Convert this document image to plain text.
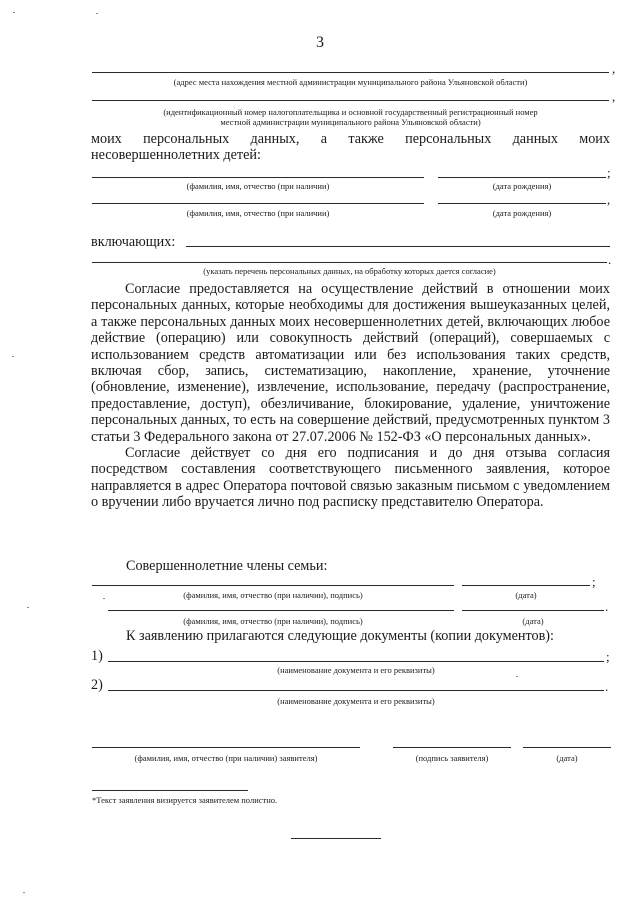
3
,
(адрес места нахождения местной администрации муниципального района Ульяновской области)
,
(идентификационный номер налогоплательщика и основной государственный регистрационный номер
местной администрации муниципального района Ульяновской области)
моих персональных данных, а также персональных данных моих
несовершеннолетних детей:
;
(фамилия, имя, отчество (при наличии)	(дата рождения)
,
(фамилия, имя, отчество (при наличии)	(дата рождения)
включающих:
.
(указать перечень персональных данных, на обработку которых дается согласие)

Согласие предоставляется на осуществление действий в отношении моих персональных данных, которые необходимы для достижения вышеуказанных целей, а также персональных данных моих несовершеннолетних детей, включающих любое действие (операцию) или совокупность действий (операций), совершаемых с использованием средств автоматизации или без использования таких средств, включая сбор, запись, систематизацию, накопление, хранение, уточнение (обновление, изменение), извлечение, использование, передачу (распространение, предоставление, доступ), обезличивание, блокирование, удаление, уничтожение персональных данных, то есть на совершение действий, предусмотренных пунктом 3 статьи 3 Федерального закона от 27.07.2006 № 152-ФЗ «О персональных данных».

Согласие действует со дня его подписания и до дня отзыва согласия посредством составления соответствующего письменного заявления, которое направляется в адрес Оператора почтовой связью заказным письмом с уведомлением о вручении либо вручается лично под расписку представителю Оператора.

Совершеннолетние члены семьи:
;
(фамилия, имя, отчество (при наличии), подпись)	(дата)
.
(фамилия, имя, отчество (при наличии), подпись)	(дата)
К заявлению прилагаются следующие документы (копии документов):
1)	;
(наименование документа и его реквизиты)
2)	.
(наименование документа и его реквизиты)
(фамилия, имя, отчество (при наличии) заявителя)	(подпись заявителя)	(дата)
*Текст заявления визируется заявителем полистно.
